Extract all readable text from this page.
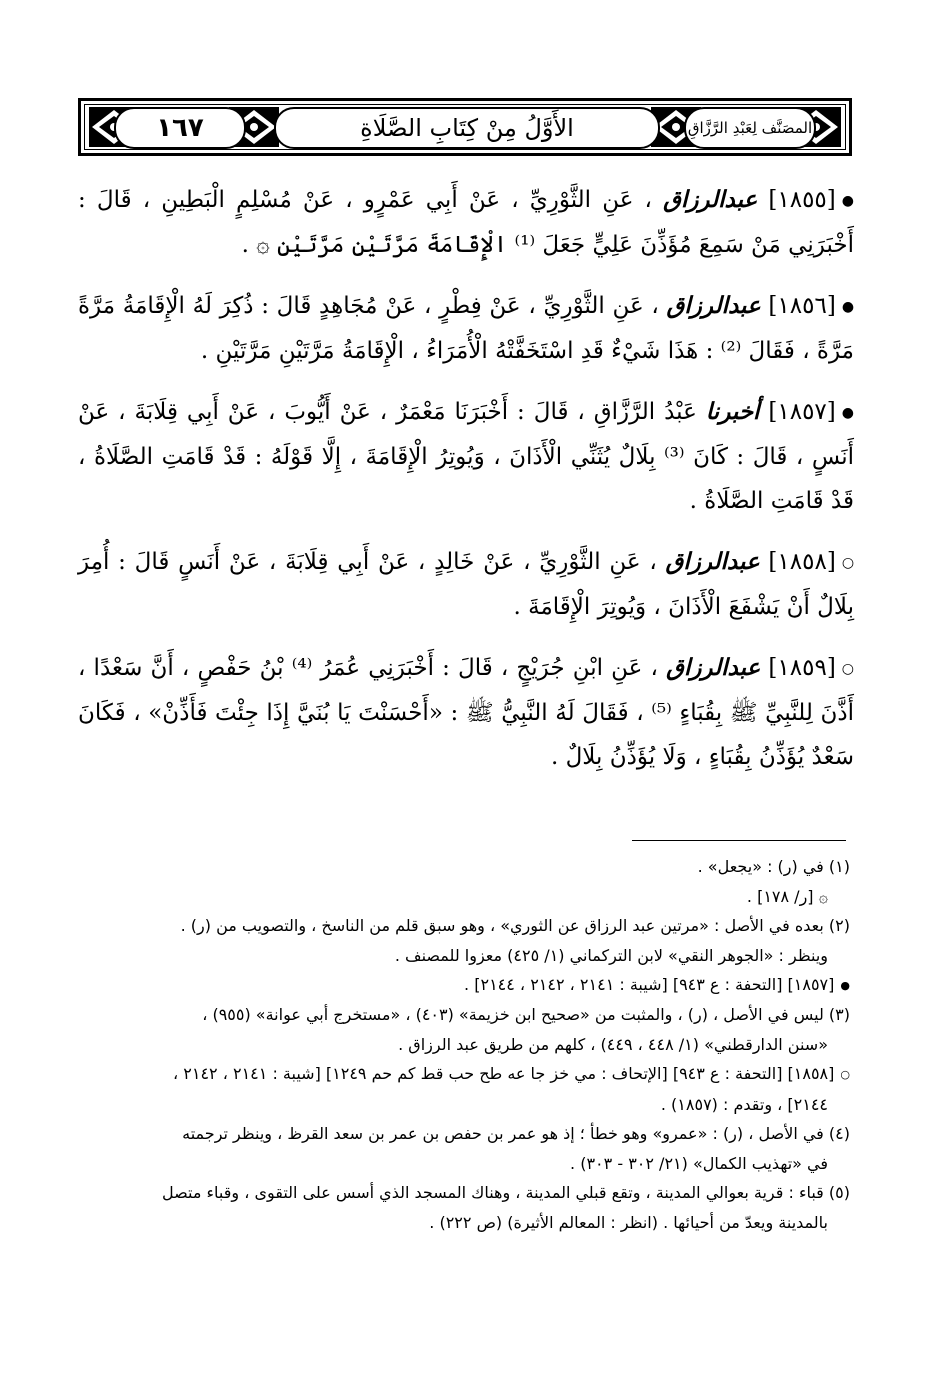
١٦٧	الأَوَّلُ مِنْ كِتَابِ الصَّلَاةِ	المصَنَّف لِعَبْدِ الرَّزَّاقِ

●[١٨٥٥] عبدالرزاق ، عَنِ الثَّوْرِيِّ ، عَنْ أَبِي عَمْرٍو ، عَنْ مُسْلِمٍ الْبَطِينِ ، قَالَ : أَخْبَرَنِي مَنْ سَمِعَ مُؤَذِّنَ عَلِيٍّ جَعَلَ ⁽¹⁾ الْإِقَامَةَ مَرَّتَيْنِ مَرَّتَيْنِ ۞ .

●[١٨٥٦] عبدالرزاق ، عَنِ الثَّوْرِيِّ ، عَنْ فِطْرٍ ، عَنْ مُجَاهِدٍ قَالَ : ذُكِرَ لَهُ الْإِقَامَةُ مَرَّةً مَرَّةً ، فَقَالَ ⁽²⁾ : هَذَا شَيْءٌ قَدِ اسْتَخَفَّتْهُ الْأُمَرَاءُ ، الْإِقَامَةُ مَرَّتَيْنِ مَرَّتَيْنِ .

●[١٨٥٧] أخبرنا عَبْدُ الرَّزَّاقِ ، قَالَ : أَخْبَرَنَا مَعْمَرٌ ، عَنْ أَيُّوبَ ، عَنْ أَبِي قِلَابَةَ ، عَنْ أَنَسٍ ، قَالَ : كَانَ ⁽³⁾ بِلَالٌ يُثَنِّي الْأَذَانَ ، وَيُوتِرُ الْإِقَامَةَ ، إِلَّا قَوْلَهُ : قَدْ قَامَتِ الصَّلَاةُ ، قَدْ قَامَتِ الصَّلَاةُ .

○[١٨٥٨] عبدالرزاق ، عَنِ الثَّوْرِيِّ ، عَنْ خَالِدٍ ، عَنْ أَبِي قِلَابَةَ ، عَنْ أَنَسٍ قَالَ : أُمِرَ بِلَالٌ أَنْ يَشْفَعَ الْأَذَانَ ، وَيُوتِرَ الْإِقَامَةَ .

○[١٨٥٩] عبدالرزاق ، عَنِ ابْنِ جُرَيْجٍ ، قَالَ : أَخْبَرَنِي عُمَرُ ⁽⁴⁾ بْنُ حَفْصٍ ، أَنَّ سَعْدًا ، أَذَّنَ لِلنَّبِيِّ ﷺ بِقُبَاءٍ ⁽⁵⁾ ، فَقَالَ لَهُ النَّبِيُّ ﷺ : «أَحْسَنْتَ يَا بُنَيَّ إِذَا جِئْتَ فَأَذِّنْ» ، فَكَانَ سَعْدٌ يُؤَذِّنُ بِقُبَاءٍ ، وَلَا يُؤَذِّنُ بِلَالٌ .

(١) في (ر) : «يجعل» .

۞ [ر/ ١٧٨] .

(٢) بعده في الأصل : «مرتين عبد الرزاق عن الثوري» ، وهو سبق قلم من الناسخ ، والتصويب من (ر) .

وينظر : «الجوهر النقي» لابن التركماني (١/ ٤٢٥) معزوا للمصنف .

●[١٨٥٧] [التحفة : ع ٩٤٣] [شيبة : ٢١٤١ ، ٢١٤٢ ، ٢١٤٤] .

(٣) ليس في الأصل ، (ر) ، والمثبت من «صحيح ابن خزيمة» (٤٠٣) ، «مستخرج أبي عوانة» (٩٥٥) ،

«سنن الدارقطني» (١/ ٤٤٨ ، ٤٤٩) ، كلهم من طريق عبد الرزاق .

○[١٨٥٨] [التحفة : ع ٩٤٣] [الإتحاف : مي خز جا عه طح حب قط كم حم ١٢٤٩] [شيبة : ٢١٤١ ، ٢١٤٢ ،

٢١٤٤] ، وتقدم : (١٨٥٧) .

(٤) في الأصل ، (ر) : «عمرو» وهو خطأ ؛ إذ هو عمر بن حفص بن عمر بن سعد القرظ ، وينظر ترجمته

في «تهذيب الكمال» (٢١/ ٣٠٢ - ٣٠٣) .

(٥) قباء : قرية بعوالي المدينة ، وتقع قبلي المدينة ، وهناك المسجد الذي أسس على التقوى ، وقباء متصل

بالمدينة ويعدّ من أحيائها . (انظر : المعالم الأثيرة) (ص ٢٢٢) .
